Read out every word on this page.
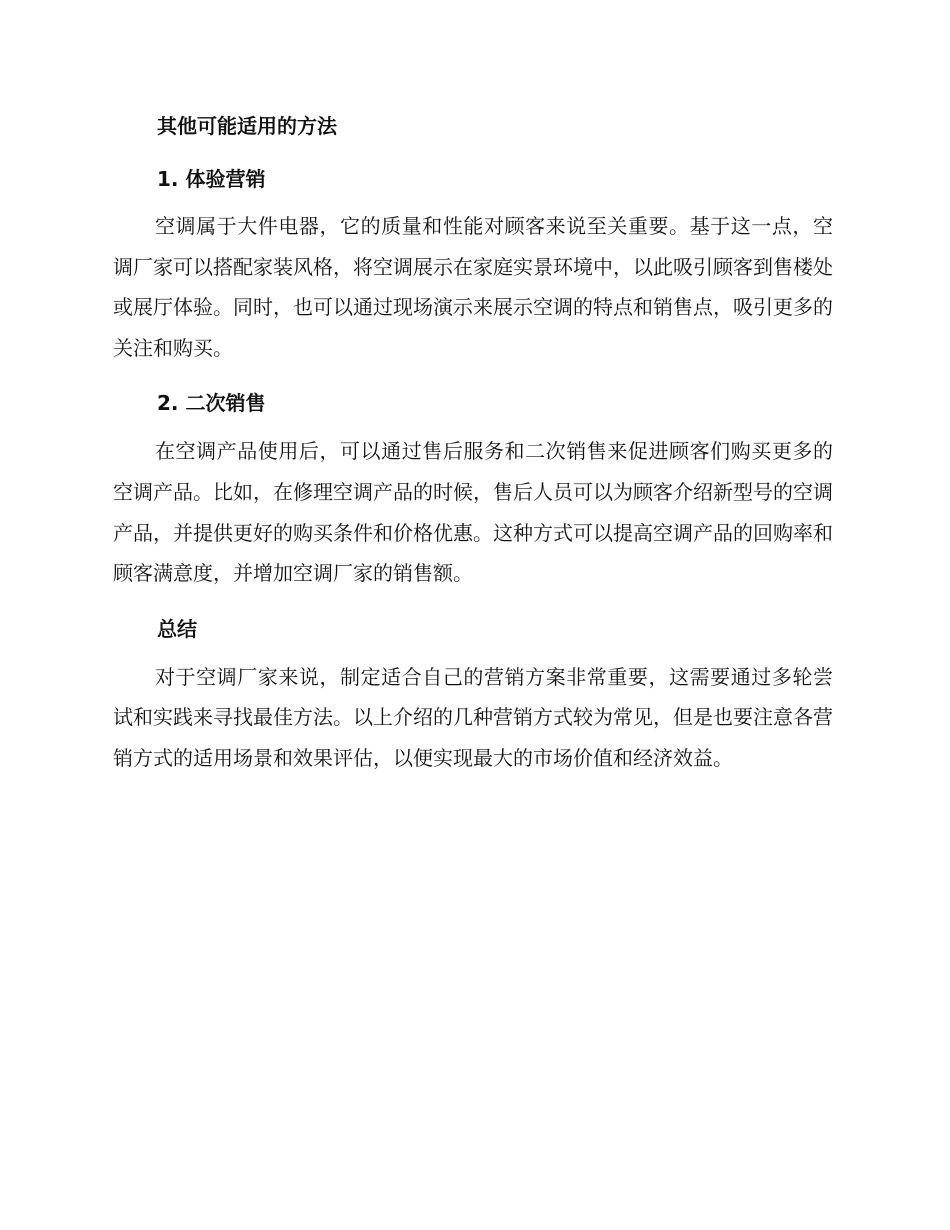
其他可能适用的方法
1. 体验营销

空调属于大件电器，它的质量和性能对顾客来说至关重要。基于这一点，空调厂家可以搭配家装风格，将空调展示在家庭实景环境中，以此吸引顾客到售楼处或展厅体验。同时，也可以通过现场演示来展示空调的特点和销售点，吸引更多的关注和购买。

2. 二次销售

在空调产品使用后，可以通过售后服务和二次销售来促进顾客们购买更多的空调产品。比如，在修理空调产品的时候，售后人员可以为顾客介绍新型号的空调产品，并提供更好的购买条件和价格优惠。这种方式可以提高空调产品的回购率和顾客满意度，并增加空调厂家的销售额。

总结

对于空调厂家来说，制定适合自己的营销方案非常重要，这需要通过多轮尝试和实践来寻找最佳方法。以上介绍的几种营销方式较为常见，但是也要注意各营销方式的适用场景和效果评估，以便实现最大的市场价值和经济效益。
